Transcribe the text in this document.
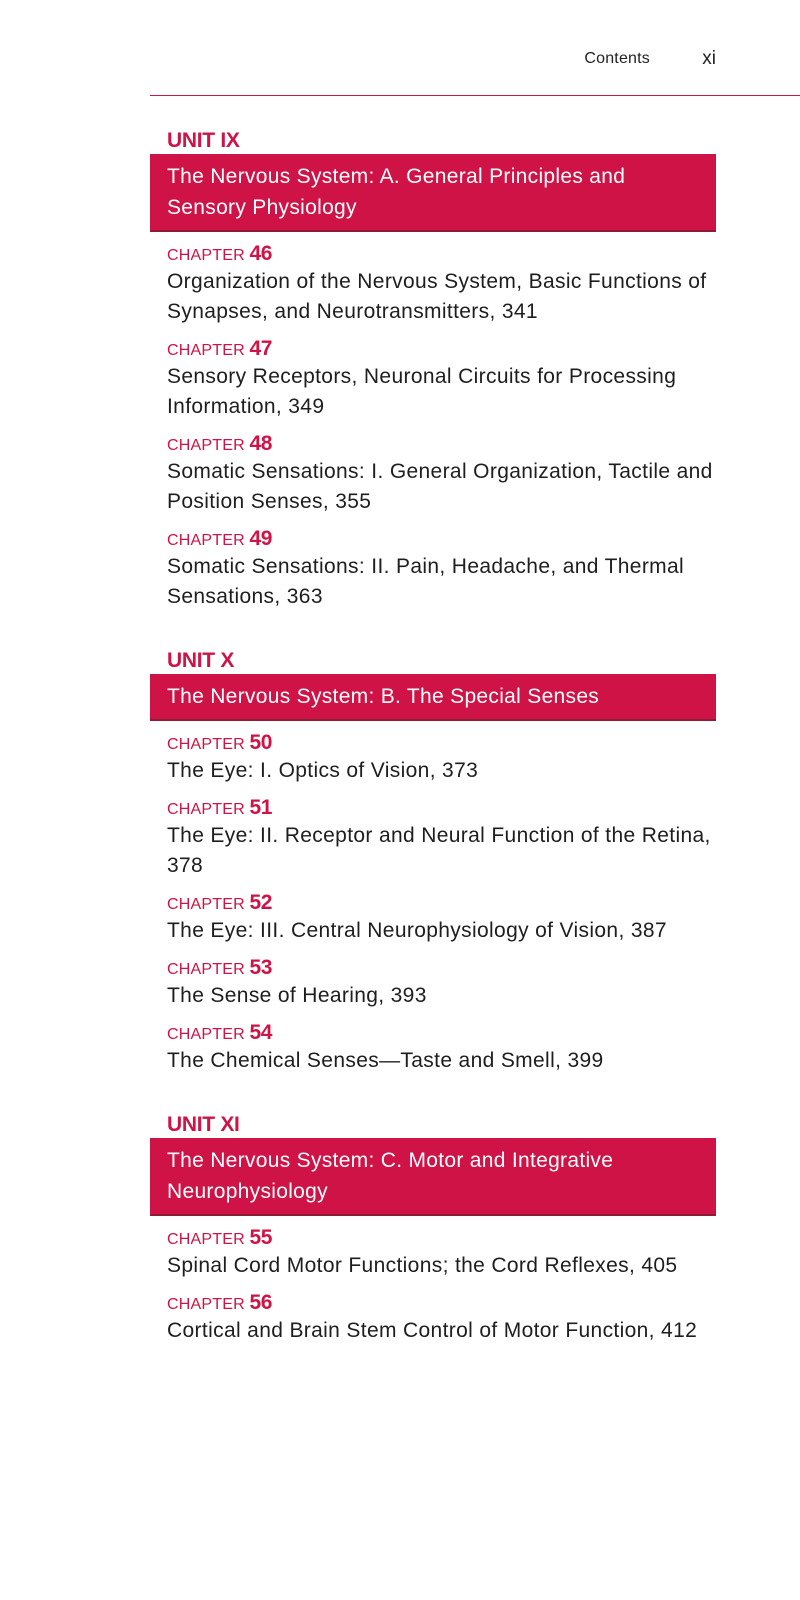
Contents	xi
UNIT IX
The Nervous System: A. General Principles and Sensory Physiology
CHAPTER 46
Organization of the Nervous System, Basic Functions of Synapses, and Neurotransmitters, 341
CHAPTER 47
Sensory Receptors, Neuronal Circuits for Processing Information, 349
CHAPTER 48
Somatic Sensations: I. General Organization, Tactile and Position Senses, 355
CHAPTER 49
Somatic Sensations: II. Pain, Headache, and Thermal Sensations, 363
UNIT X
The Nervous System: B. The Special Senses
CHAPTER 50
The Eye: I. Optics of Vision, 373
CHAPTER 51
The Eye: II. Receptor and Neural Function of the Retina, 378
CHAPTER 52
The Eye: III. Central Neurophysiology of Vision, 387
CHAPTER 53
The Sense of Hearing, 393
CHAPTER 54
The Chemical Senses—Taste and Smell, 399
UNIT XI
The Nervous System: C. Motor and Integrative Neurophysiology
CHAPTER 55
Spinal Cord Motor Functions; the Cord Reflexes, 405
CHAPTER 56
Cortical and Brain Stem Control of Motor Function, 412
